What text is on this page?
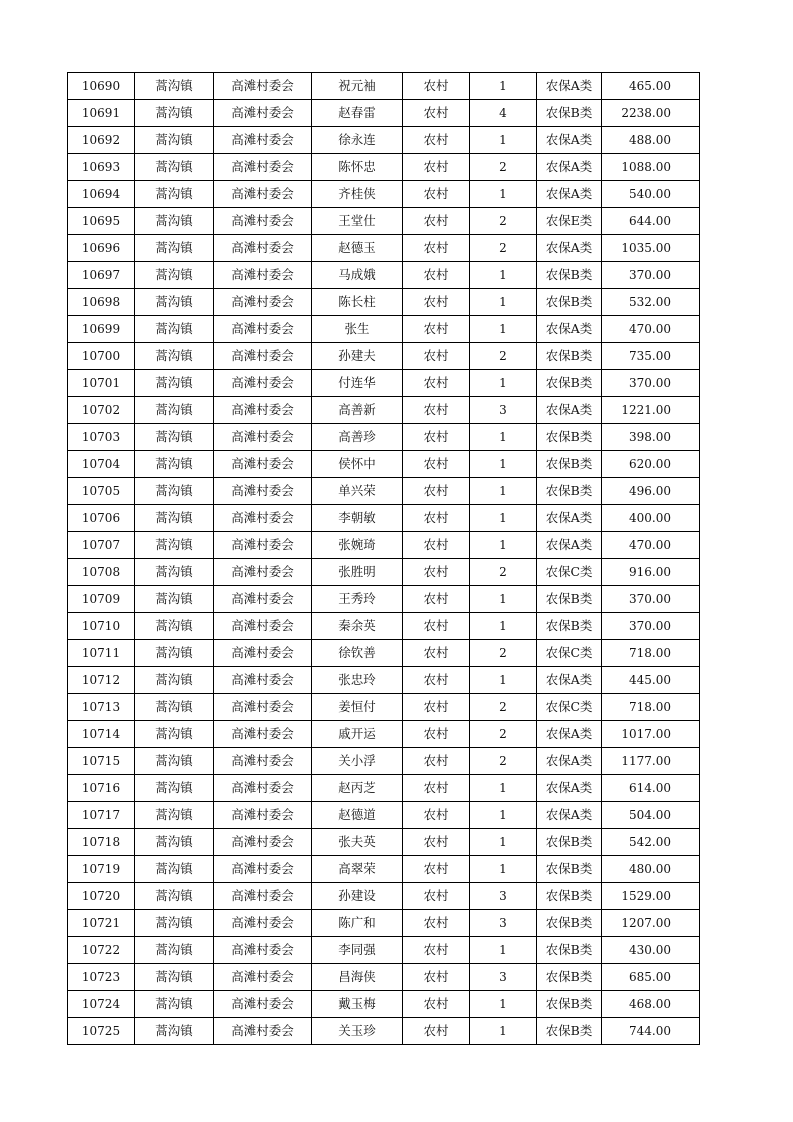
10690	蒿沟镇	高滩村委会	祝元袖	农村	1	农保A类	465.00
10691	蒿沟镇	高滩村委会	赵春雷	农村	4	农保B类	2238.00
10692	蒿沟镇	高滩村委会	徐永连	农村	1	农保A类	488.00
10693	蒿沟镇	高滩村委会	陈怀忠	农村	2	农保A类	1088.00
10694	蒿沟镇	高滩村委会	齐桂侠	农村	1	农保A类	540.00
10695	蒿沟镇	高滩村委会	王堂仕	农村	2	农保E类	644.00
10696	蒿沟镇	高滩村委会	赵德玉	农村	2	农保A类	1035.00
10697	蒿沟镇	高滩村委会	马成娥	农村	1	农保B类	370.00
10698	蒿沟镇	高滩村委会	陈长柱	农村	1	农保B类	532.00
10699	蒿沟镇	高滩村委会	张生	农村	1	农保A类	470.00
10700	蒿沟镇	高滩村委会	孙建夫	农村	2	农保B类	735.00
10701	蒿沟镇	高滩村委会	付连华	农村	1	农保B类	370.00
10702	蒿沟镇	高滩村委会	高善新	农村	3	农保A类	1221.00
10703	蒿沟镇	高滩村委会	高善珍	农村	1	农保B类	398.00
10704	蒿沟镇	高滩村委会	侯怀中	农村	1	农保B类	620.00
10705	蒿沟镇	高滩村委会	单兴荣	农村	1	农保B类	496.00
10706	蒿沟镇	高滩村委会	李朝敏	农村	1	农保A类	400.00
10707	蒿沟镇	高滩村委会	张婉琦	农村	1	农保A类	470.00
10708	蒿沟镇	高滩村委会	张胜明	农村	2	农保C类	916.00
10709	蒿沟镇	高滩村委会	王秀玲	农村	1	农保B类	370.00
10710	蒿沟镇	高滩村委会	秦余英	农村	1	农保B类	370.00
10711	蒿沟镇	高滩村委会	徐钦善	农村	2	农保C类	718.00
10712	蒿沟镇	高滩村委会	张忠玲	农村	1	农保A类	445.00
10713	蒿沟镇	高滩村委会	姜恒付	农村	2	农保C类	718.00
10714	蒿沟镇	高滩村委会	戚开运	农村	2	农保A类	1017.00
10715	蒿沟镇	高滩村委会	关小浮	农村	2	农保A类	1177.00
10716	蒿沟镇	高滩村委会	赵丙芝	农村	1	农保A类	614.00
10717	蒿沟镇	高滩村委会	赵德道	农村	1	农保A类	504.00
10718	蒿沟镇	高滩村委会	张夫英	农村	1	农保B类	542.00
10719	蒿沟镇	高滩村委会	高翠荣	农村	1	农保B类	480.00
10720	蒿沟镇	高滩村委会	孙建设	农村	3	农保B类	1529.00
10721	蒿沟镇	高滩村委会	陈广和	农村	3	农保B类	1207.00
10722	蒿沟镇	高滩村委会	李同强	农村	1	农保B类	430.00
10723	蒿沟镇	高滩村委会	昌海侠	农村	3	农保B类	685.00
10724	蒿沟镇	高滩村委会	戴玉梅	农村	1	农保B类	468.00
10725	蒿沟镇	高滩村委会	关玉珍	农村	1	农保B类	744.00
